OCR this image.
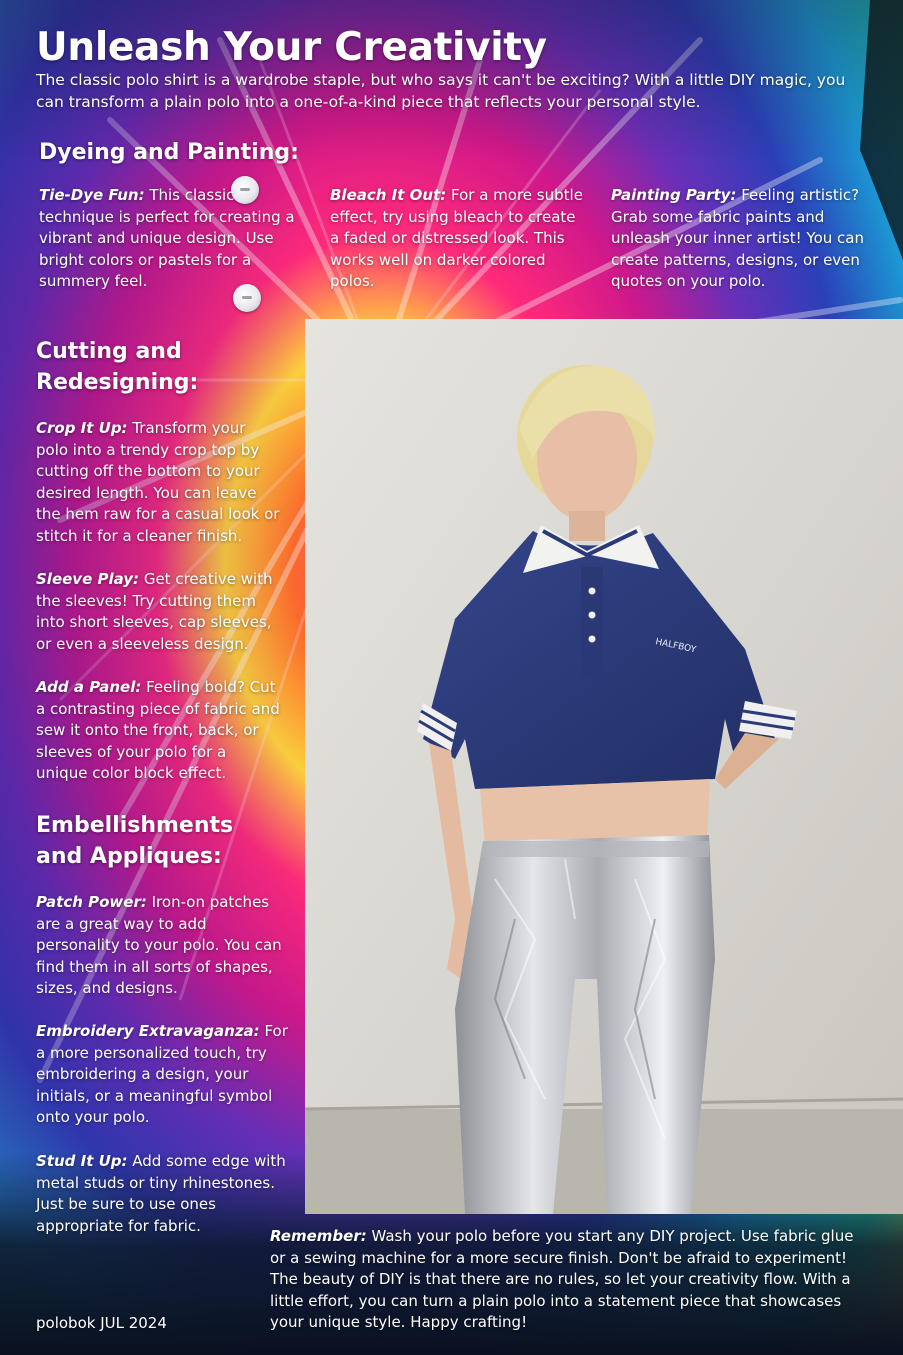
Unleash Your Creativity

The classic polo shirt is a wardrobe staple, but who says it can't be exciting? With a little DIY magic, you can transform a plain polo into a one-of-a-kind piece that reflects your personal style.

Dyeing and Painting:

Tie-Dye Fun: This classic technique is perfect for creating a vibrant and unique design. Use bright colors or pastels for a summery feel.

Bleach It Out: For a more subtle effect, try using bleach to create a faded or distressed look. This works well on darker colored polos.

Painting Party: Feeling artistic? Grab some fabric paints and unleash your inner artist! You can create patterns, designs, or even quotes on your polo.

HALFBOY
Cutting and Redesigning:

Crop It Up: Transform your polo into a trendy crop top by cutting off the bottom to your desired length. You can leave the hem raw for a casual look or stitch it for a cleaner finish.

Sleeve Play: Get creative with the sleeves! Try cutting them into short sleeves, cap sleeves, or even a sleeveless design.

Add a Panel: Feeling bold? Cut a contrasting piece of fabric and sew it onto the front, back, or sleeves of your polo for a unique color block effect.

Embellishments and Appliques:

Patch Power: Iron-on patches are a great way to add personality to your polo. You can find them in all sorts of shapes, sizes, and designs.

Embroidery Extravaganza: For a more personalized touch, try embroidering a design, your initials, or a meaningful symbol onto your polo.

Stud It Up: Add some edge with metal studs or tiny rhinestones. Just be sure to use ones appropriate for fabric.

Remember: Wash your polo before you start any DIY project. Use fabric glue or a sewing machine for a more secure finish. Don't be afraid to experiment! The beauty of DIY is that there are no rules, so let your creativity flow. With a little effort, you can turn a plain polo into a statement piece that showcases your unique style. Happy crafting!

polobok JUL 2024
